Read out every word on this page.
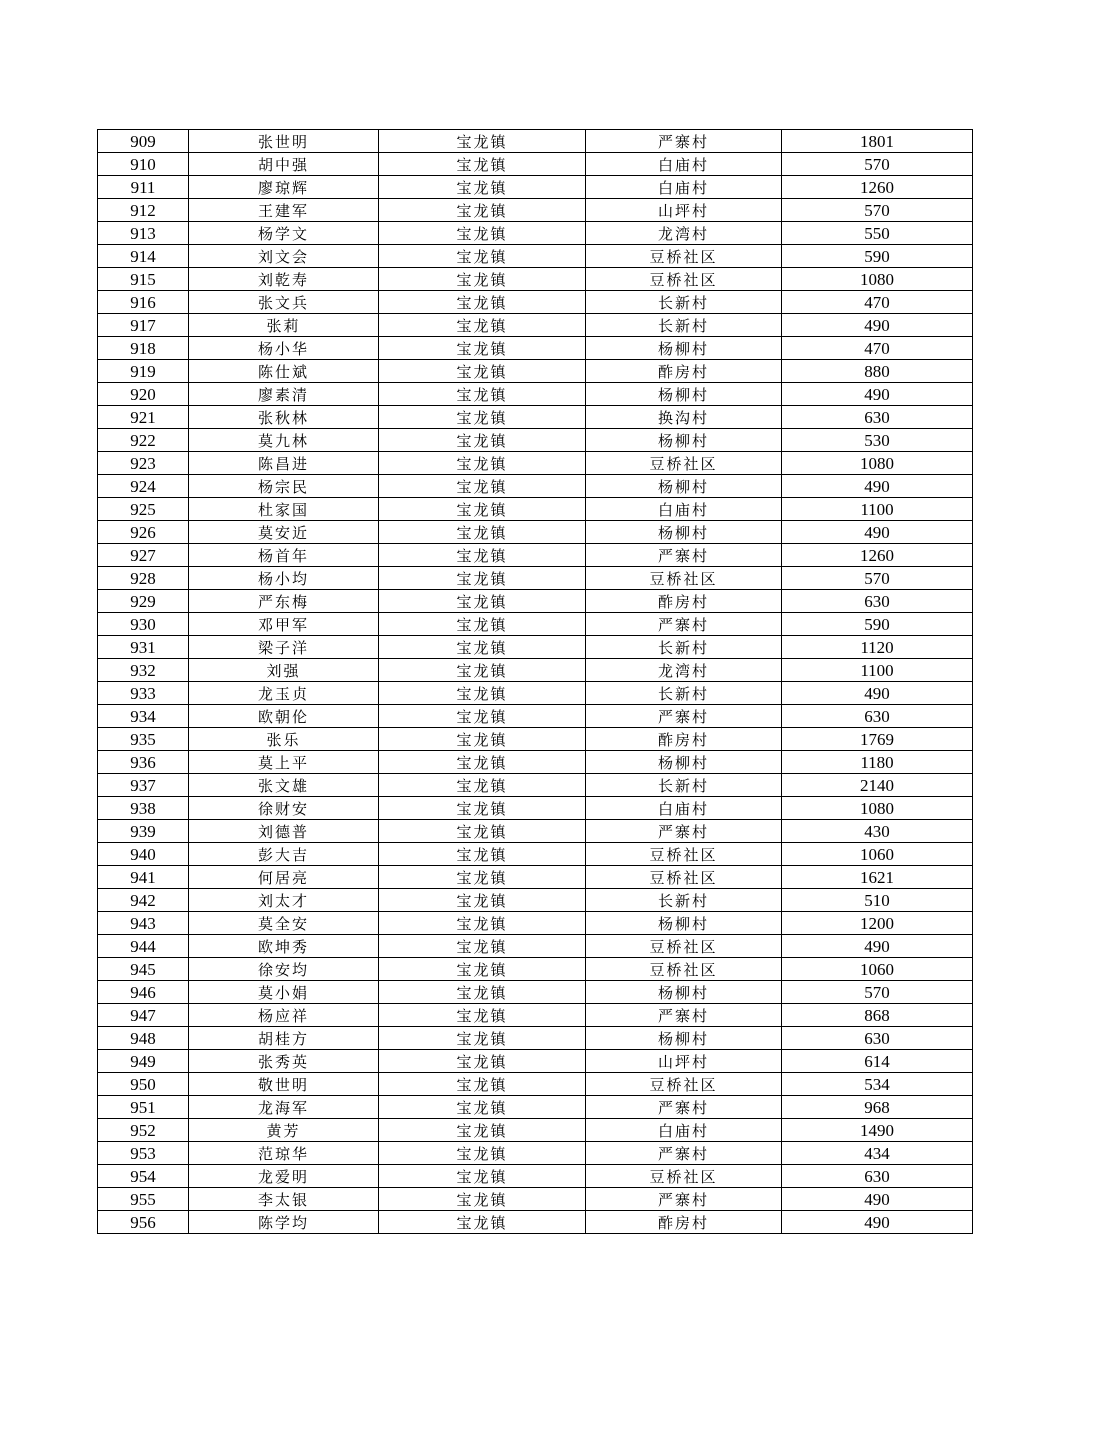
909	张世明	宝龙镇	严寨村	1801
910	胡中强	宝龙镇	白庙村	570
911	廖琼辉	宝龙镇	白庙村	1260
912	王建军	宝龙镇	山坪村	570
913	杨学文	宝龙镇	龙湾村	550
914	刘文会	宝龙镇	豆桥社区	590
915	刘乾寿	宝龙镇	豆桥社区	1080
916	张文兵	宝龙镇	长新村	470
917	张莉	宝龙镇	长新村	490
918	杨小华	宝龙镇	杨柳村	470
919	陈仕斌	宝龙镇	酢房村	880
920	廖素清	宝龙镇	杨柳村	490
921	张秋林	宝龙镇	换沟村	630
922	莫九林	宝龙镇	杨柳村	530
923	陈昌进	宝龙镇	豆桥社区	1080
924	杨宗民	宝龙镇	杨柳村	490
925	杜家国	宝龙镇	白庙村	1100
926	莫安近	宝龙镇	杨柳村	490
927	杨首年	宝龙镇	严寨村	1260
928	杨小均	宝龙镇	豆桥社区	570
929	严东梅	宝龙镇	酢房村	630
930	邓甲军	宝龙镇	严寨村	590
931	梁子洋	宝龙镇	长新村	1120
932	刘强	宝龙镇	龙湾村	1100
933	龙玉贞	宝龙镇	长新村	490
934	欧朝伦	宝龙镇	严寨村	630
935	张乐	宝龙镇	酢房村	1769
936	莫上平	宝龙镇	杨柳村	1180
937	张文雄	宝龙镇	长新村	2140
938	徐财安	宝龙镇	白庙村	1080
939	刘德普	宝龙镇	严寨村	430
940	彭大吉	宝龙镇	豆桥社区	1060
941	何居亮	宝龙镇	豆桥社区	1621
942	刘太才	宝龙镇	长新村	510
943	莫全安	宝龙镇	杨柳村	1200
944	欧坤秀	宝龙镇	豆桥社区	490
945	徐安均	宝龙镇	豆桥社区	1060
946	莫小娟	宝龙镇	杨柳村	570
947	杨应祥	宝龙镇	严寨村	868
948	胡桂方	宝龙镇	杨柳村	630
949	张秀英	宝龙镇	山坪村	614
950	敬世明	宝龙镇	豆桥社区	534
951	龙海军	宝龙镇	严寨村	968
952	黄芳	宝龙镇	白庙村	1490
953	范琼华	宝龙镇	严寨村	434
954	龙爱明	宝龙镇	豆桥社区	630
955	李太银	宝龙镇	严寨村	490
956	陈学均	宝龙镇	酢房村	490
